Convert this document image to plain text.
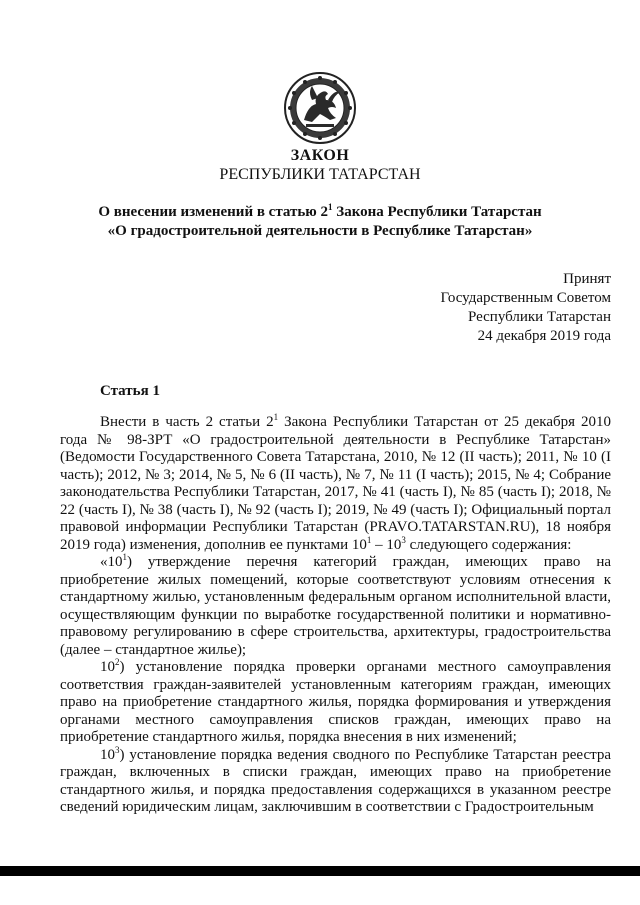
ЗАКОН
РЕСПУБЛИКИ ТАТАРСТАН
О внесении изменений в статью $2^1$ Закона Республики Татарстан
«О градостроительной деятельности в Республике Татарстан»
Принят
Государственным Советом
Республики Татарстан
24 декабря 2019 года
Статья 1

Внести в часть 2 статьи $2^1$ Закона Республики Татарстан от 25 декабря 2010 года № 98-ЗРТ «О градостроительной деятельности в Республике Татарстан» (Ведомости Государственного Совета Татарстана, 2010, № 12 (II часть); 2011, № 10 (I часть); 2012, № 3; 2014, № 5, № 6 (II часть), № 7, № 11 (I часть); 2015, № 4; Собрание законодательства Республики Татарстан, 2017, № 41 (часть I), № 85 (часть I); 2018, № 22 (часть I), № 38 (часть I), № 92 (часть I); 2019, № 49 (часть I); Официальный портал правовой информации Республики Татарстан (PRAVO.TATARSTAN.RU), 18 ноября 2019 года) изменения, дополнив ее пунктами $10^1 - 10^3$ следующего содержания:

«$10^1$) утверждение перечня категорий граждан, имеющих право на приобретение жилых помещений, которые соответствуют условиям отнесения к стандартному жилью, установленным федеральным органом исполнительной власти, осуществляющим функции по выработке государственной политики и нормативно-правовому регулированию в сфере строительства, архитектуры, градостроительства (далее – стандартное жилье);

$10^2$) установление порядка проверки органами местного самоуправления соответствия граждан-заявителей установленным категориям граждан, имеющих право на приобретение стандартного жилья, порядка формирования и утверждения органами местного самоуправления списков граждан, имеющих право на приобретение стандартного жилья, порядка внесения в них изменений;

$10^3$) установление порядка ведения сводного по Республике Татарстан реестра граждан, включенных в списки граждан, имеющих право на приобретение стандартного жилья, и порядка предоставления содержащихся в указанном реестре сведений юридическим лицам, заключившим в соответствии с Градостроительным
